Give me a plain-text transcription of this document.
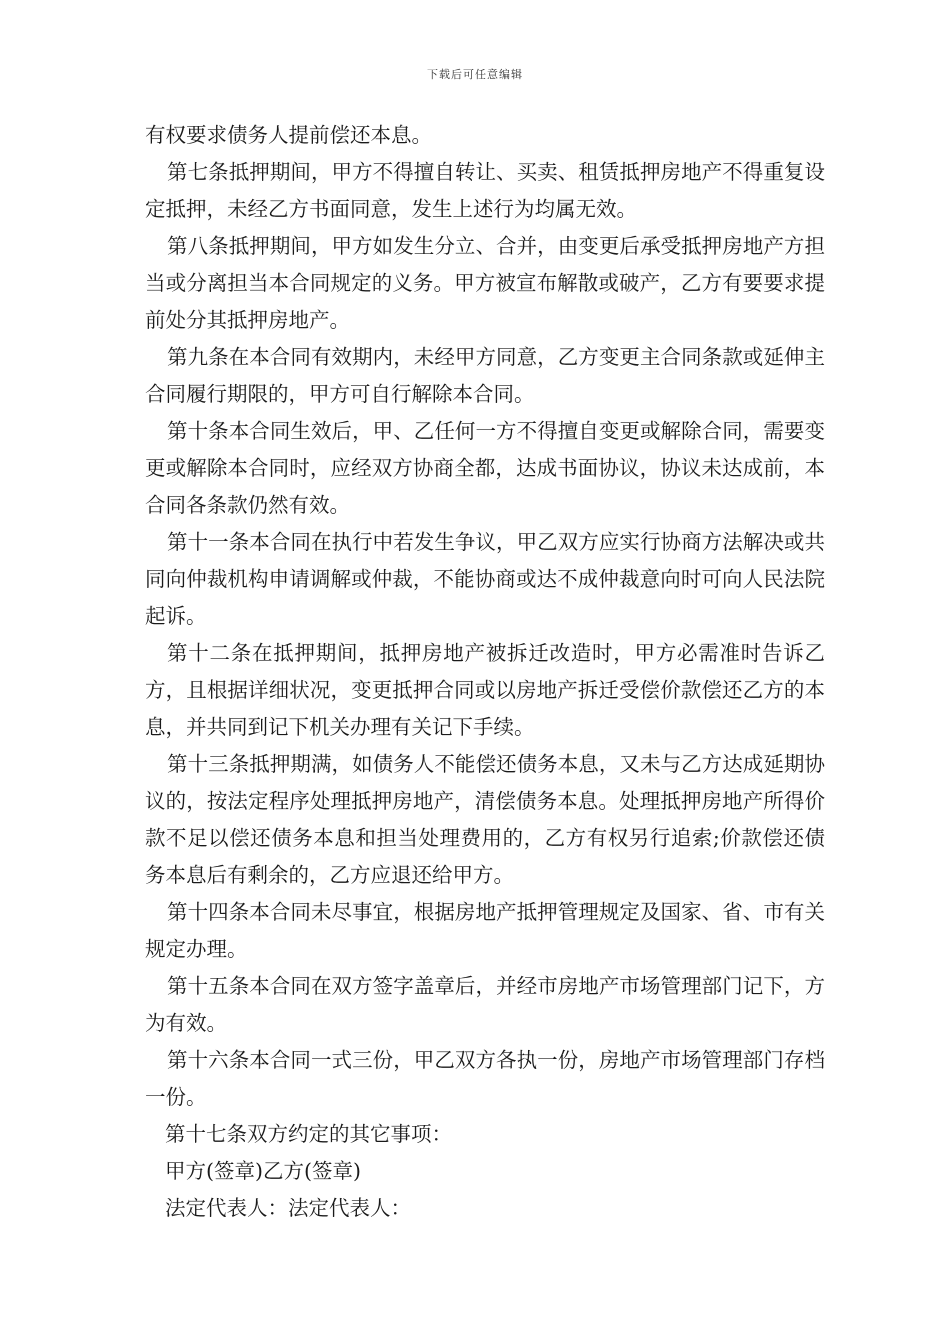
下载后可任意编辑

有权要求债务人提前偿还本息。

第七条抵押期间，甲方不得擅自转让、买卖、租赁抵押房地产不得重复设定抵押，未经乙方书面同意，发生上述行为均属无效。

第八条抵押期间，甲方如发生分立、合并，由变更后承受抵押房地产方担当或分离担当本合同规定的义务。甲方被宣布解散或破产，乙方有要要求提前处分其抵押房地产。

第九条在本合同有效期内，未经甲方同意，乙方变更主合同条款或延伸主合同履行期限的，甲方可自行解除本合同。

第十条本合同生效后，甲、乙任何一方不得擅自变更或解除合同，需要变更或解除本合同时，应经双方协商全都，达成书面协议，协议未达成前，本合同各条款仍然有效。

第十一条本合同在执行中若发生争议，甲乙双方应实行协商方法解决或共同向仲裁机构申请调解或仲裁，不能协商或达不成仲裁意向时可向人民法院起诉。

第十二条在抵押期间，抵押房地产被拆迁改造时，甲方必需准时告诉乙方，且根据详细状况，变更抵押合同或以房地产拆迁受偿价款偿还乙方的本息，并共同到记下机关办理有关记下手续。

第十三条抵押期满，如债务人不能偿还债务本息，又未与乙方达成延期协议的，按法定程序处理抵押房地产，清偿债务本息。处理抵押房地产所得价款不足以偿还债务本息和担当处理费用的，乙方有权另行追索;价款偿还债务本息后有剩余的，乙方应退还给甲方。

第十四条本合同未尽事宜，根据房地产抵押管理规定及国家、省、市有关规定办理。

第十五条本合同在双方签字盖章后，并经市房地产市场管理部门记下，方为有效。

第十六条本合同一式三份，甲乙双方各执一份，房地产市场管理部门存档一份。

第十七条双方约定的其它事项：

甲方(签章)乙方(签章)

法定代表人：法定代表人：
